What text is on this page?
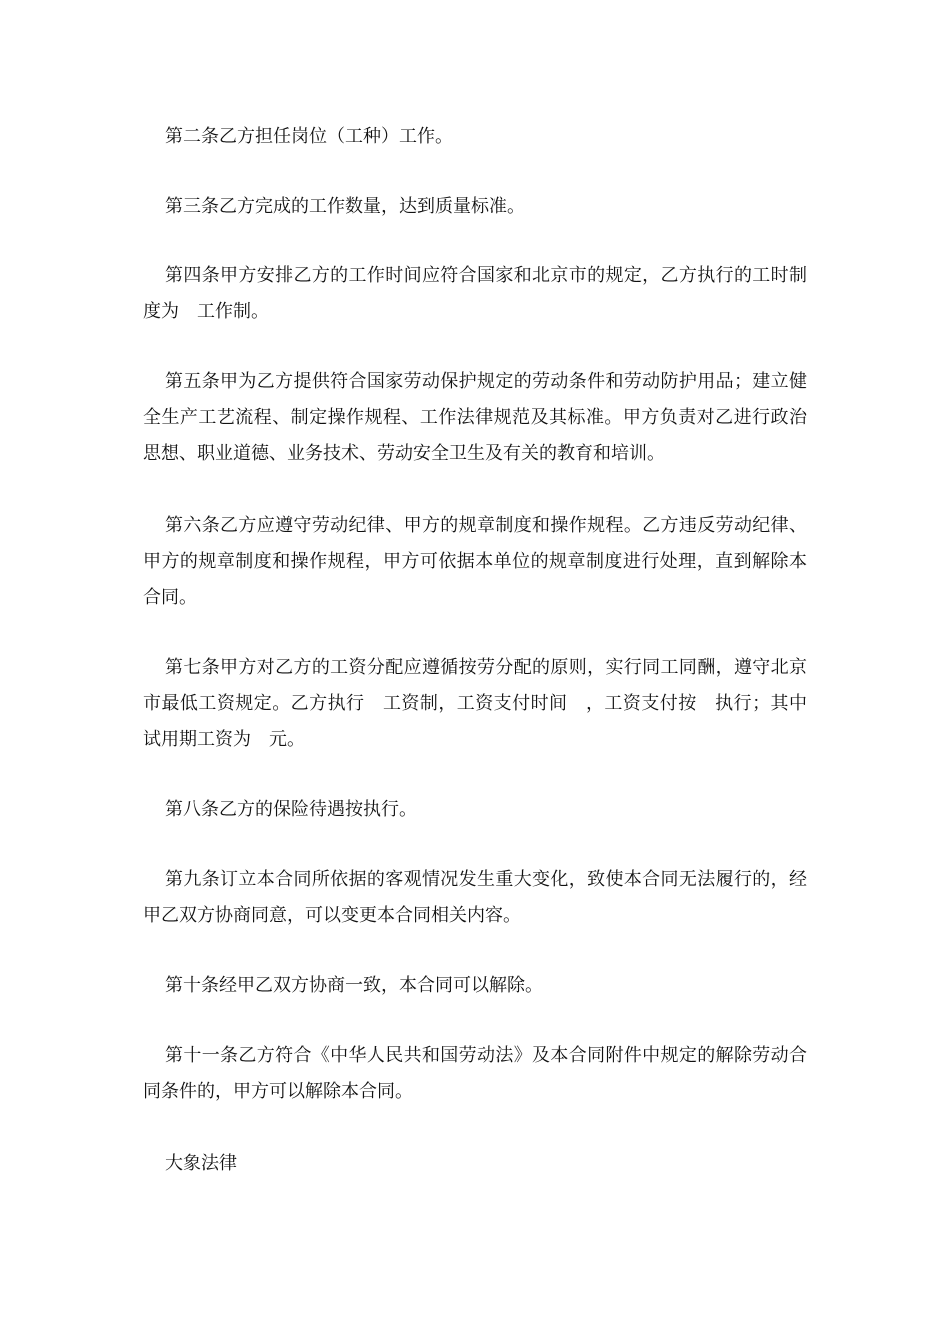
第二条乙方担任岗位（工种）工作。

第三条乙方完成的工作数量，达到质量标准。

第四条甲方安排乙方的工作时间应符合国家和北京市的规定，乙方执行的工时制度为　工作制。

第五条甲为乙方提供符合国家劳动保护规定的劳动条件和劳动防护用品；建立健全生产工艺流程、制定操作规程、工作法律规范及其标准。甲方负责对乙进行政治思想、职业道德、业务技术、劳动安全卫生及有关的教育和培训。

第六条乙方应遵守劳动纪律、甲方的规章制度和操作规程。乙方违反劳动纪律、甲方的规章制度和操作规程，甲方可依据本单位的规章制度进行处理，直到解除本合同。

第七条甲方对乙方的工资分配应遵循按劳分配的原则，实行同工同酬，遵守北京市最低工资规定。乙方执行　工资制，工资支付时间　，工资支付按　执行；其中试用期工资为　元。

第八条乙方的保险待遇按执行。

第九条订立本合同所依据的客观情况发生重大变化，致使本合同无法履行的，经甲乙双方协商同意，可以变更本合同相关内容。

第十条经甲乙双方协商一致，本合同可以解除。

第十一条乙方符合《中华人民共和国劳动法》及本合同附件中规定的解除劳动合同条件的，甲方可以解除本合同。

大象法律
